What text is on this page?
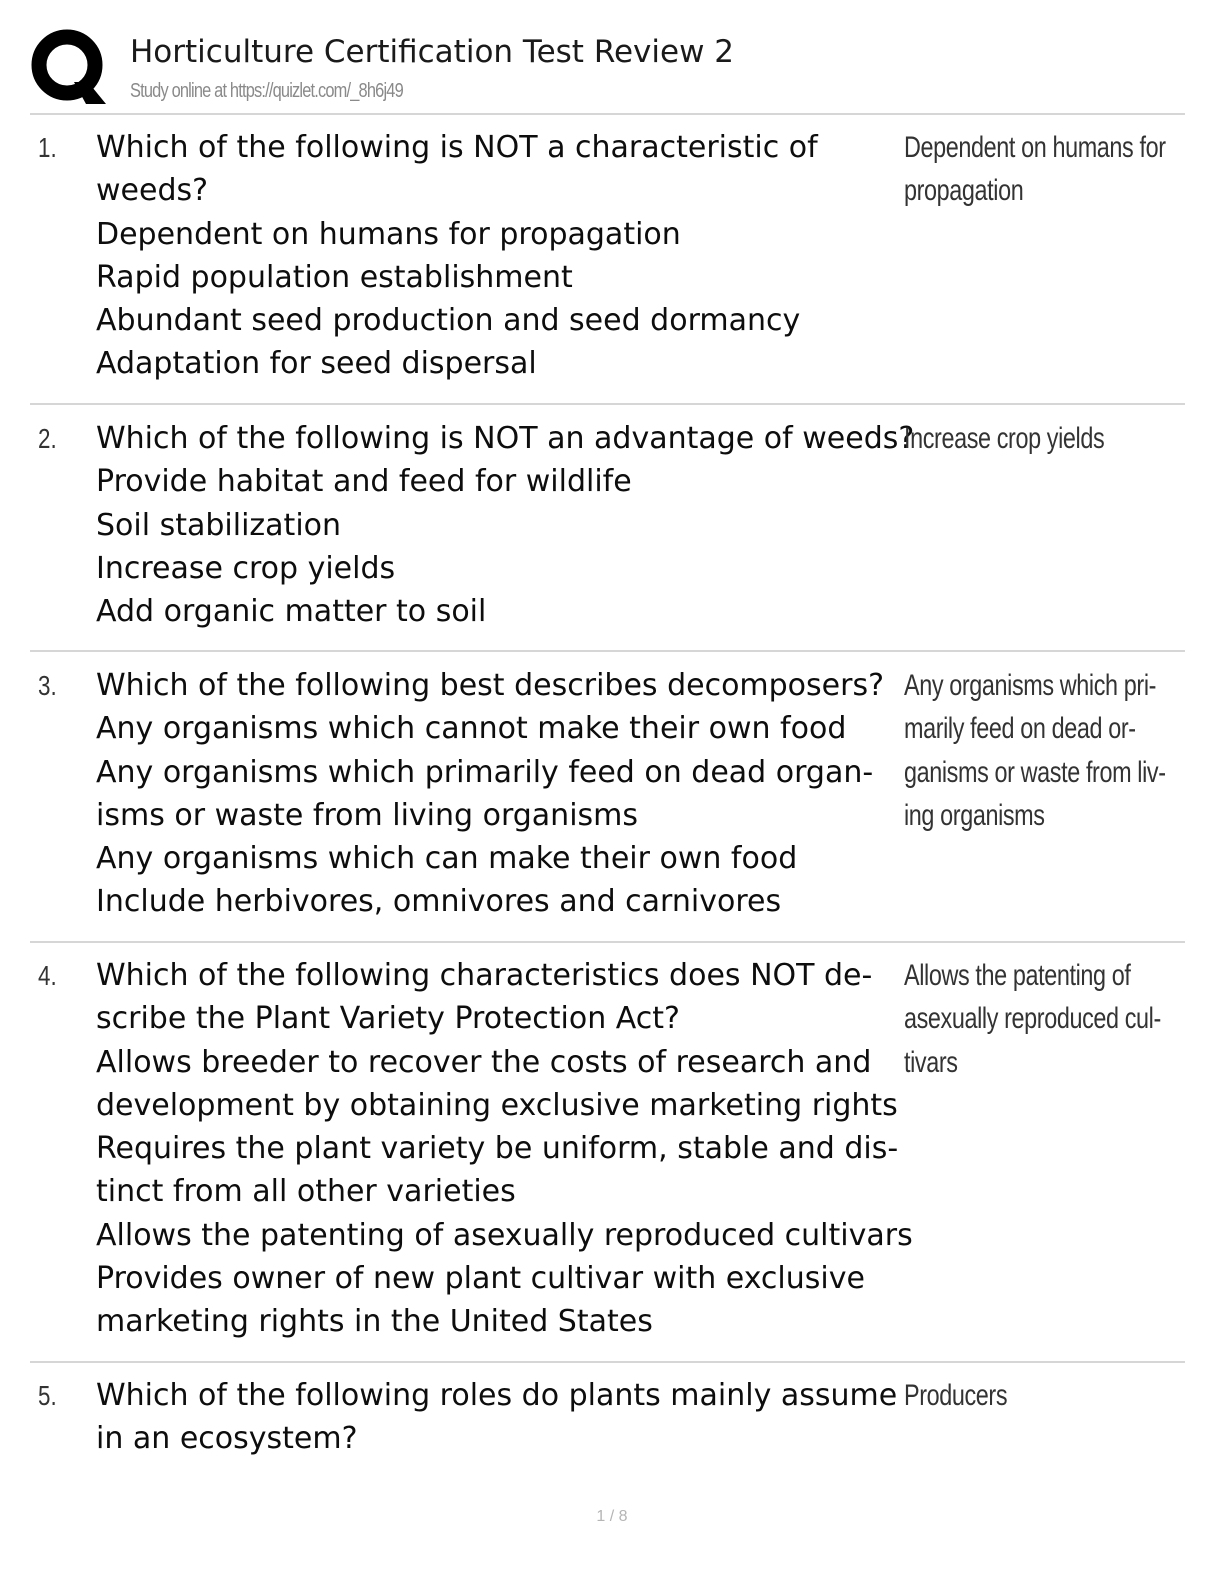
Horticulture Certification Test Review 2
Study online at https://quizlet.com/_8h6j49
1. Which of the following is NOT a characteristic of
weeds?
Dependent on humans for propagation
Rapid population establishment
Abundant seed production and seed dormancy
Adaptation for seed dispersal
Dependent on humans for
propagation
2. Which of the following is NOT an advantage of weeds?
Provide habitat and feed for wildlife
Soil stabilization
Increase crop yields
Add organic matter to soil
Increase crop yields
3. Which of the following best describes decomposers?
Any organisms which cannot make their own food
Any organisms which primarily feed on dead organ-
isms or waste from living organisms
Any organisms which can make their own food
Include herbivores, omnivores and carnivores
Any organisms which pri-
marily feed on dead or-
ganisms or waste from liv-
ing organisms
4. Which of the following characteristics does NOT de-
scribe the Plant Variety Protection Act?
Allows breeder to recover the costs of research and
development by obtaining exclusive marketing rights
Requires the plant variety be uniform, stable and dis-
tinct from all other varieties
Allows the patenting of asexually reproduced cultivars
Provides owner of new plant cultivar with exclusive
marketing rights in the United States
Allows the patenting of
asexually reproduced cul-
tivars
5. Which of the following roles do plants mainly assume
in an ecosystem?
Producers
1 / 8
